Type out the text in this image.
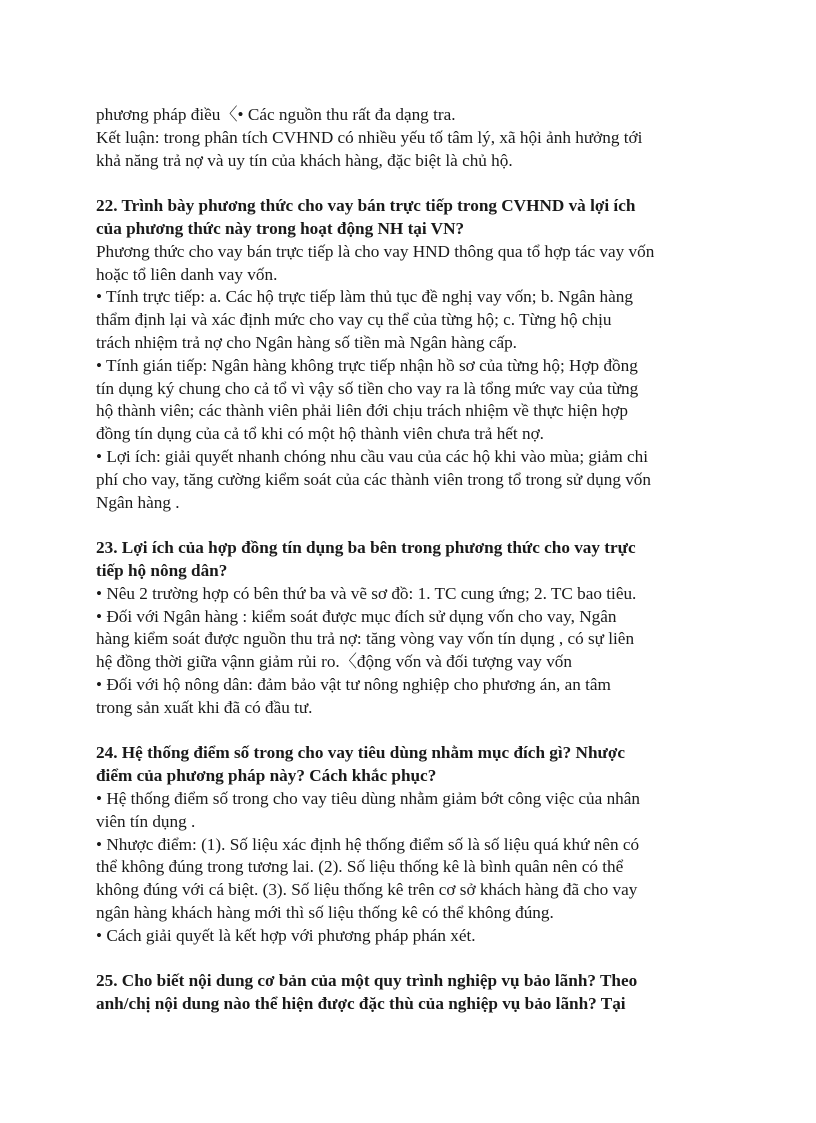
phương pháp điều〈• Các nguồn thu rất đa dạng tra.
Kết luận: trong phân tích CVHND có nhiều yếu tố tâm lý, xã hội ảnh hưởng tới
khả năng trả nợ và uy tín của khách hàng, đặc biệt là chủ hộ.
22. Trình bày phương thức cho vay bán trực tiếp trong CVHND và lợi ích
của phương thức này trong hoạt động NH tại VN?
Phương thức cho vay bán trực tiếp là cho vay HND thông qua tổ hợp tác vay vốn
hoặc tổ liên danh vay vốn.
• Tính trực tiếp: a. Các hộ trực tiếp làm thủ tục đề nghị vay vốn; b. Ngân hàng
thẩm định lại và xác định mức cho vay cụ thể của từng hộ; c. Từng hộ chịu
trách nhiệm trả nợ cho Ngân hàng số tiền mà Ngân hàng cấp.
• Tính gián tiếp: Ngân hàng không trực tiếp nhận hồ sơ của từng hộ; Hợp đồng
tín dụng ký chung cho cả tổ vì vậy số tiền cho vay ra là tổng mức vay của từng
hộ thành viên; các thành viên phải liên đới chịu trách nhiệm về thực hiện hợp
đồng tín dụng của cả tổ khi có một hộ thành viên chưa trả hết nợ.
• Lợi ích: giải quyết nhanh chóng nhu cầu vau của các hộ khi vào mùa; giảm chi
phí cho vay, tăng cường kiểm soát của các thành viên trong tổ trong sử dụng vốn
Ngân hàng .
23. Lợi ích của hợp đồng tín dụng ba bên trong phương thức cho vay trực
tiếp hộ nông dân?
• Nêu 2 trường hợp có bên thứ ba và vẽ sơ đồ: 1. TC cung ứng; 2. TC bao tiêu.
• Đối với Ngân hàng : kiểm soát được mục đích sử dụng vốn cho vay, Ngân
hàng kiểm soát được nguồn thu trả nợ: tăng vòng vay vốn tín dụng , có sự liên
hệ đồng thời giữa vậnn giảm rủi ro.〈động vốn và đối tượng vay vốn
• Đối với hộ nông dân: đảm bảo vật tư nông nghiệp cho phương án, an tâm
trong sản xuất khi đã có đầu tư.
24. Hệ thống điểm số trong cho vay tiêu dùng nhằm mục đích gì? Nhược
điểm của phương pháp này? Cách khắc phục?
• Hệ thống điểm số trong cho vay tiêu dùng nhằm giảm bớt công việc của nhân
viên tín dụng .
• Nhược điểm: (1). Số liệu xác định hệ thống điểm số là số liệu quá khứ nên có
thể không đúng trong tương lai. (2). Số liệu thống kê là bình quân nên có thể
không đúng với cá biệt. (3). Số liệu thống kê trên cơ sở khách hàng đã cho vay
ngân hàng khách hàng mới thì số liệu thống kê có thể không đúng.
• Cách giải quyết là kết hợp với phương pháp phán xét.
25. Cho biết nội dung cơ bản của một quy trình nghiệp vụ bảo lãnh? Theo
anh/chị nội dung nào thể hiện được đặc thù của nghiệp vụ bảo lãnh? Tại
